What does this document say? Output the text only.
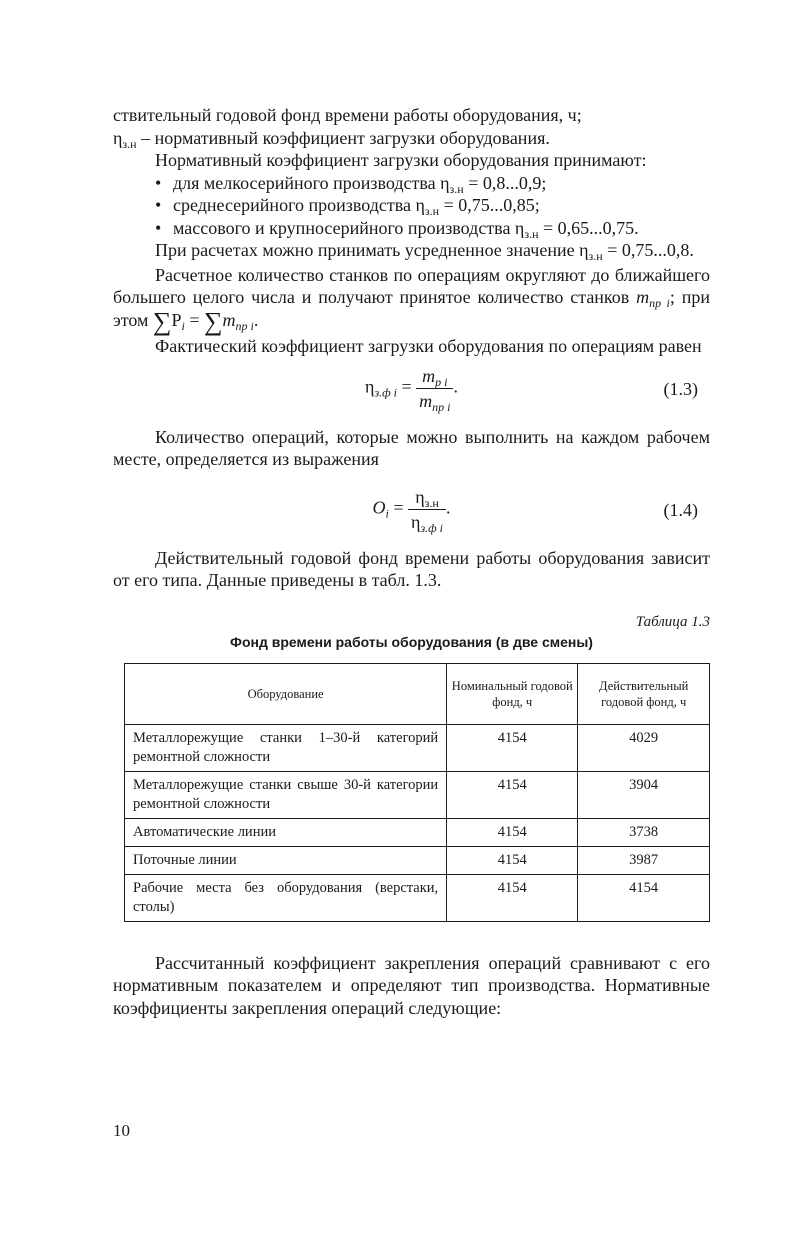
ствительный годовой фонд времени работы оборудования, ч;
$\eta_{з.н}$ – нормативный коэффициент загрузки оборудования.

Нормативный коэффициент загрузки оборудования принимают:

• для мелкосерийного производства $\eta_{з.н} = 0,8...0,9$;
• среднесерийного производства $\eta_{з.н} = 0,75...0,85$;
• массового и крупносерийного производства $\eta_{з.н} = 0,65...0,75$.

При расчетах можно принимать усредненное значение $\eta_{з.н} = 0,75...0,8$.

Расчетное количество станков по операциям округляют до ближайшего большего целого числа и получают принятое количество станков $m_{пр i}$; при этом $\sum P_i = \sum m_{пр i}$.

Фактический коэффициент загрузки оборудования по операциям равен

$\eta_{з.ф i} = \frac{m_{р i}}{m_{пр i}}$ .	(1.3)

Количество операций, которые можно выполнить на каждом рабочем месте, определяется из выражения

$O_i = \frac{\eta_{з.н}}{\eta_{з.ф i}}$ .	(1.4)

Действительный годовой фонд времени работы оборудования зависит от его типа. Данные приведены в табл. 1.3.

Таблица 1.3
Фонд времени работы оборудования (в две смены)
Оборудование	Номинальный годовой фонд, ч	Действительный годовой фонд, ч
Металлорежущие станки 1–30-й категорий ремонтной сложности	4154	4029
Металлорежущие станки свыше 30-й категории ремонтной сложности	4154	3904
Автоматические линии	4154	3738
Поточные линии	4154	3987
Рабочие места без оборудования (верстаки, столы)	4154	4154

Рассчитанный коэффициент закрепления операций сравнивают с его нормативным показателем и определяют тип производства. Нормативные коэффициенты закрепления операций следующие:

10
